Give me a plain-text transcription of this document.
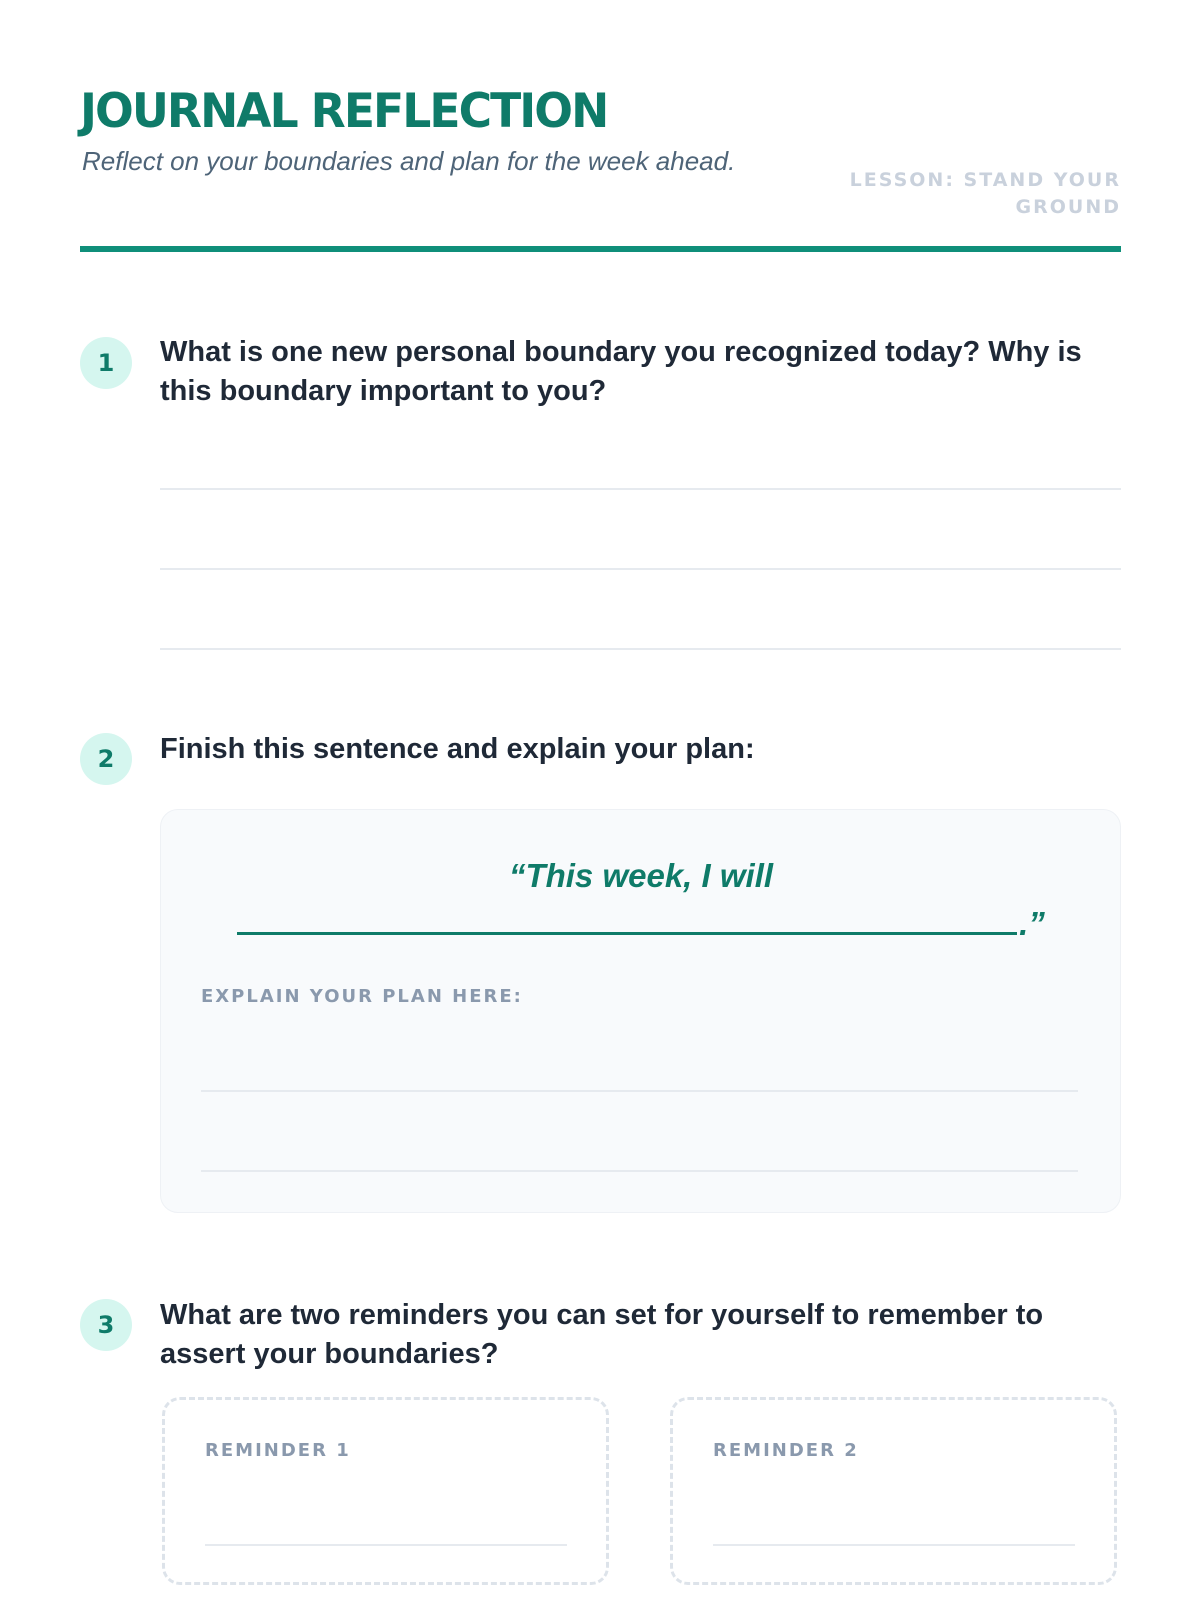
JOURNAL REFLECTION
Reflect on your boundaries and plan for the week ahead.
LESSON: STAND YOUR
GROUND
1	What is one new personal boundary you recognized today? Why is this boundary important to you?

2	Finish this sentence and explain your plan:

“This week, I will
.”
EXPLAIN YOUR PLAN HERE:
3	What are two reminders you can set for yourself to remember to assert your boundaries?

REMINDER 1	REMINDER 2
